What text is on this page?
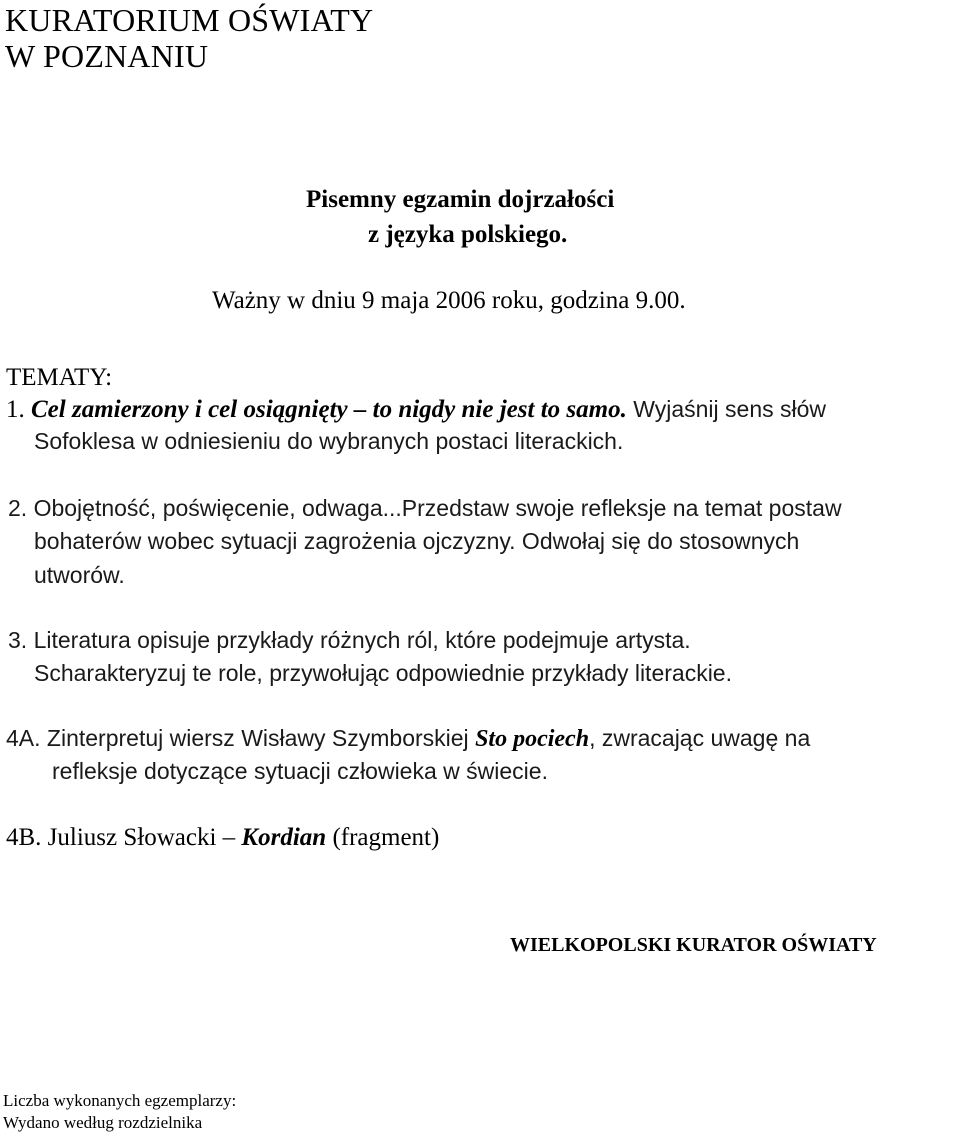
KURATORIUM OŚWIATY
W POZNANIU
Pisemny egzamin dojrzałości
z języka polskiego.
Ważny w dniu 9 maja 2006 roku, godzina 9.00.
TEMATY:
1. Cel zamierzony i cel osiągnięty – to nigdy nie jest to samo. Wyjaśnij sens słów
Sofoklesa w odniesieniu do wybranych postaci literackich.
2. Obojętność, poświęcenie, odwaga...Przedstaw swoje refleksje na temat postaw
bohaterów wobec sytuacji zagrożenia ojczyzny. Odwołaj się do stosownych
utworów.
3. Literatura opisuje przykłady różnych ról, które podejmuje artysta.
Scharakteryzuj te role, przywołując odpowiednie przykłady literackie.
4A. Zinterpretuj wiersz Wisławy Szymborskiej Sto pociech, zwracając uwagę na
refleksje dotyczące sytuacji człowieka w świecie.
4B. Juliusz Słowacki – Kordian (fragment)
WIELKOPOLSKI KURATOR OŚWIATY
Liczba wykonanych egzemplarzy:
Wydano według rozdzielnika
